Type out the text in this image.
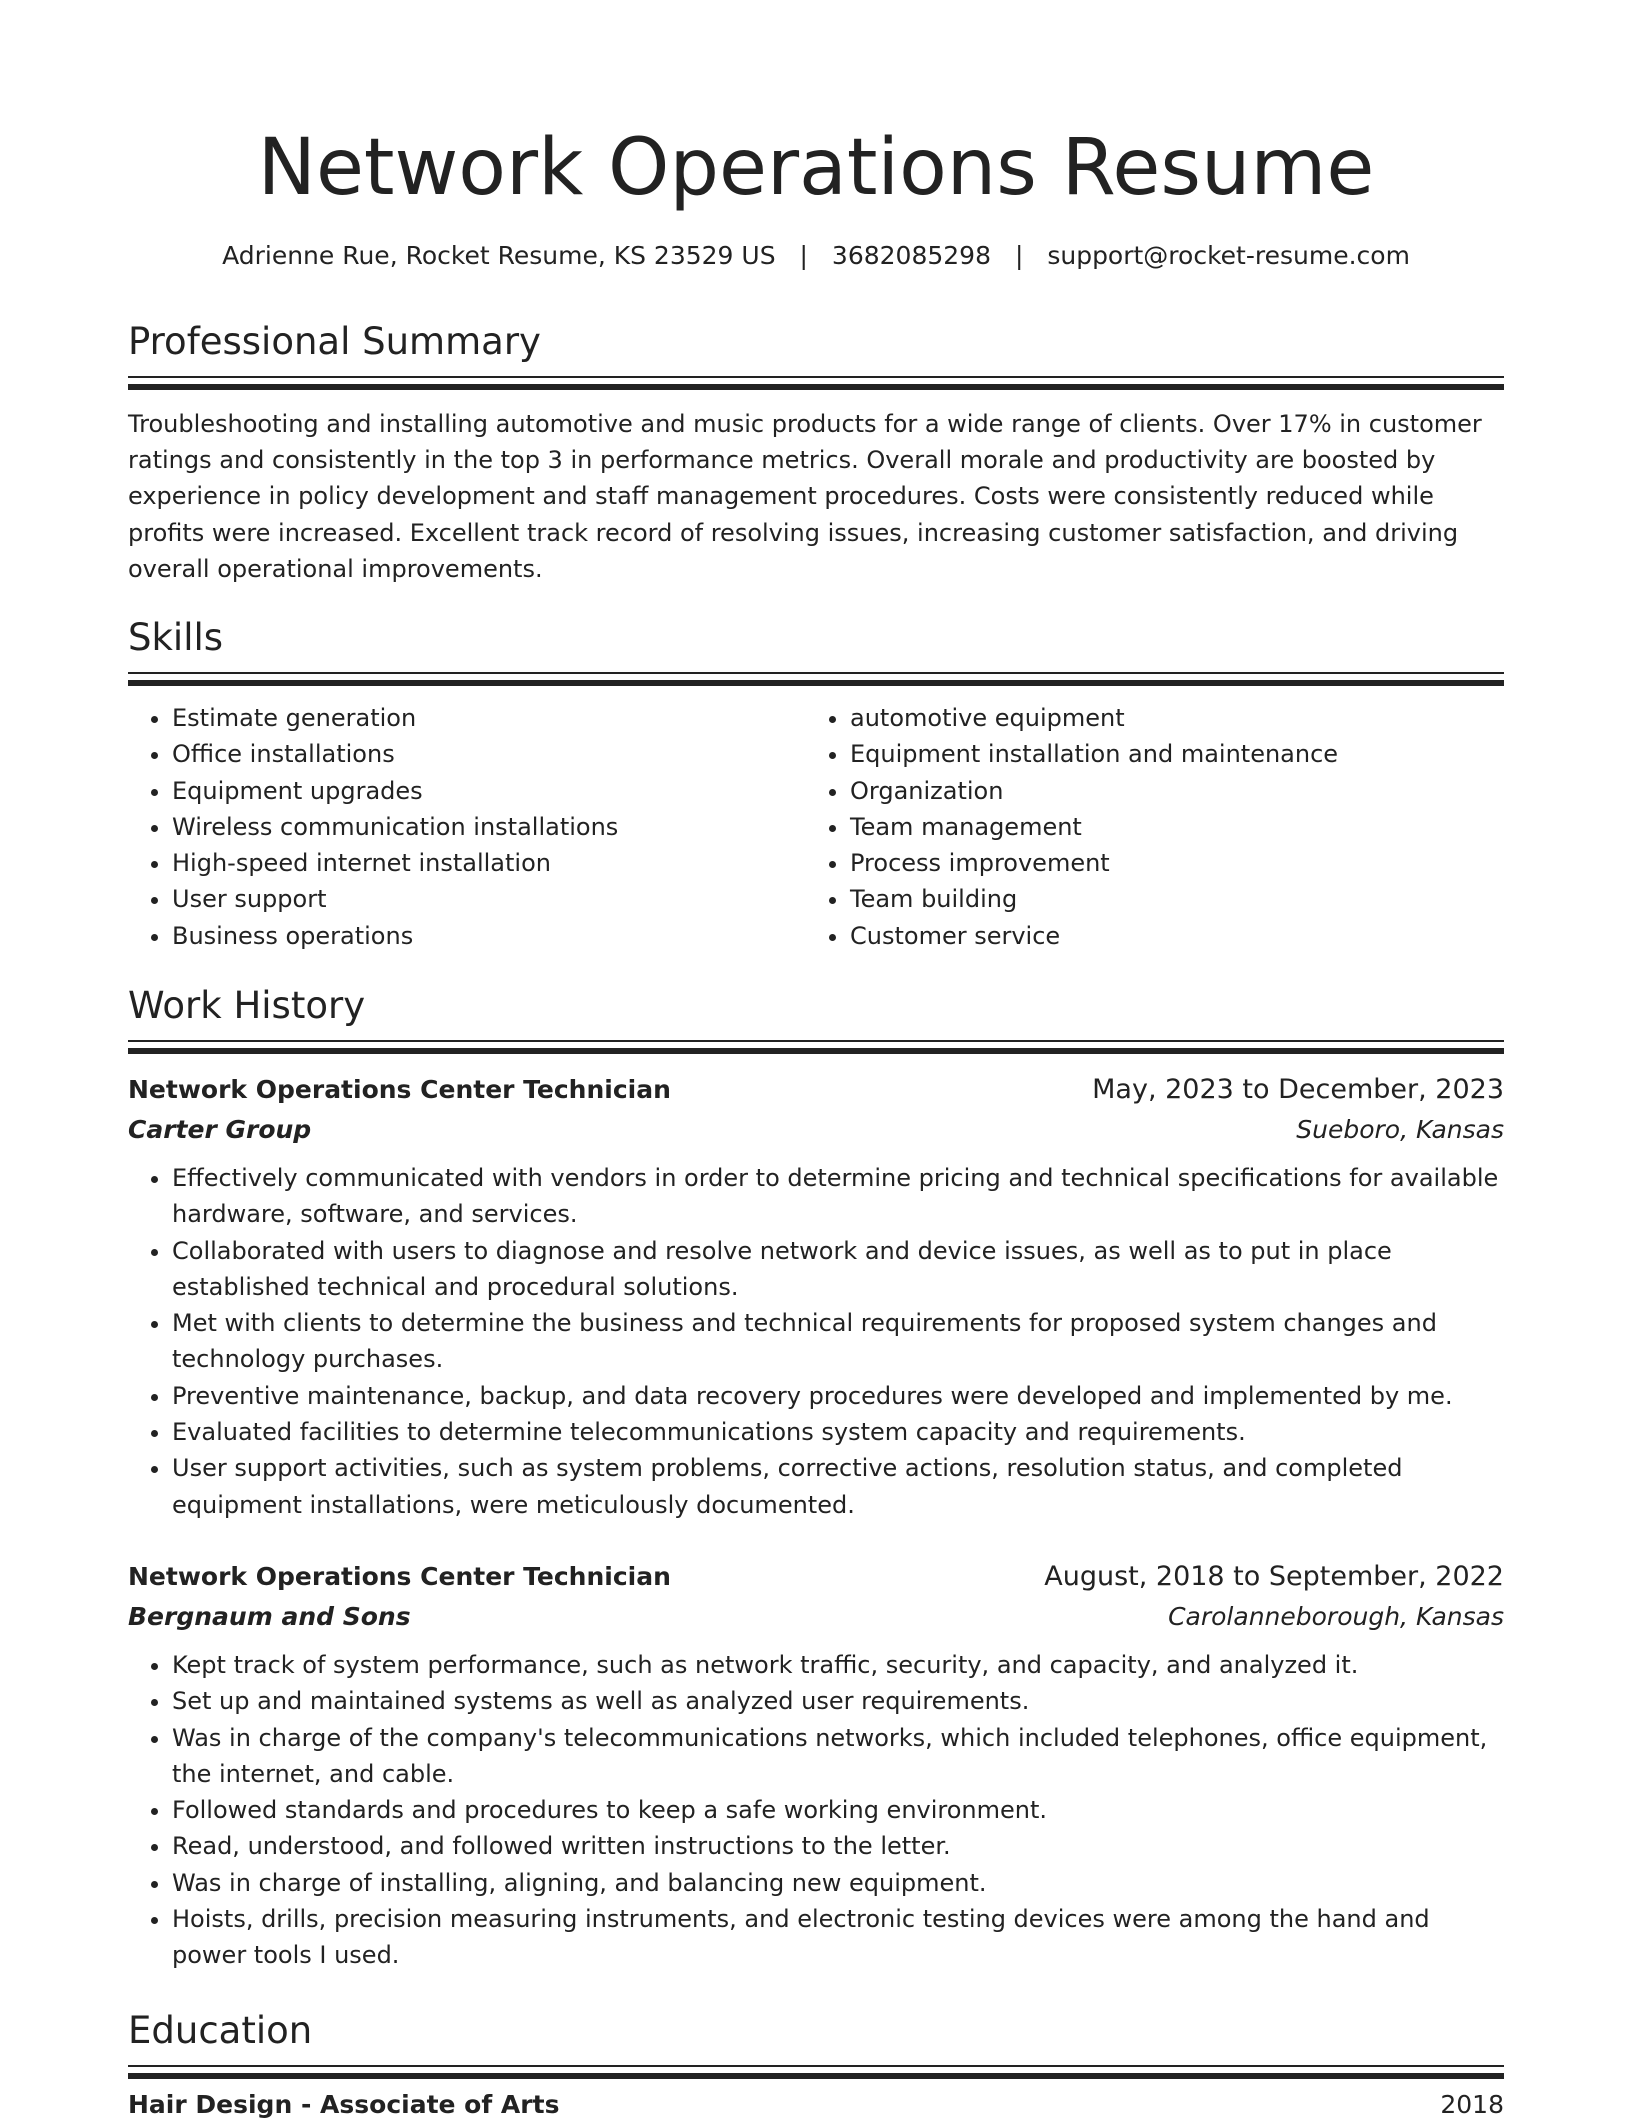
Network Operations Resume
Adrienne Rue, Rocket Resume, KS 23529 US | 3682085298 | support@rocket-resume.com
Professional Summary

Troubleshooting and installing automotive and music products for a wide range of clients. Over 17% in customer ratings and consistently in the top 3 in performance metrics. Overall morale and productivity are boosted by experience in policy development and staff management procedures. Costs were consistently reduced while profits were increased. Excellent track record of resolving issues, increasing customer satisfaction, and driving overall operational improvements.

Skills
• Estimate generation
• Office installations
• Equipment upgrades
• Wireless communication installations
• High-speed internet installation
• User support
• Business operations
• automotive equipment
• Equipment installation and maintenance
• Organization
• Team management
• Process improvement
• Team building
• Customer service
Work History
Network Operations Center Technician	May, 2023 to December, 2023
Carter Group	Sueboro, Kansas
• Effectively communicated with vendors in order to determine pricing and technical specifications for available hardware, software, and services.
• Collaborated with users to diagnose and resolve network and device issues, as well as to put in place established technical and procedural solutions.
• Met with clients to determine the business and technical requirements for proposed system changes and technology purchases.
• Preventive maintenance, backup, and data recovery procedures were developed and implemented by me.
• Evaluated facilities to determine telecommunications system capacity and requirements.
• User support activities, such as system problems, corrective actions, resolution status, and completed equipment installations, were meticulously documented.
Network Operations Center Technician	August, 2018 to September, 2022
Bergnaum and Sons	Carolanneborough, Kansas
• Kept track of system performance, such as network traffic, security, and capacity, and analyzed it.
• Set up and maintained systems as well as analyzed user requirements.
• Was in charge of the company's telecommunications networks, which included telephones, office equipment, the internet, and cable.
• Followed standards and procedures to keep a safe working environment.
• Read, understood, and followed written instructions to the letter.
• Was in charge of installing, aligning, and balancing new equipment.
• Hoists, drills, precision measuring instruments, and electronic testing devices were among the hand and power tools I used.
Education
Hair Design - Associate of Arts	2018
